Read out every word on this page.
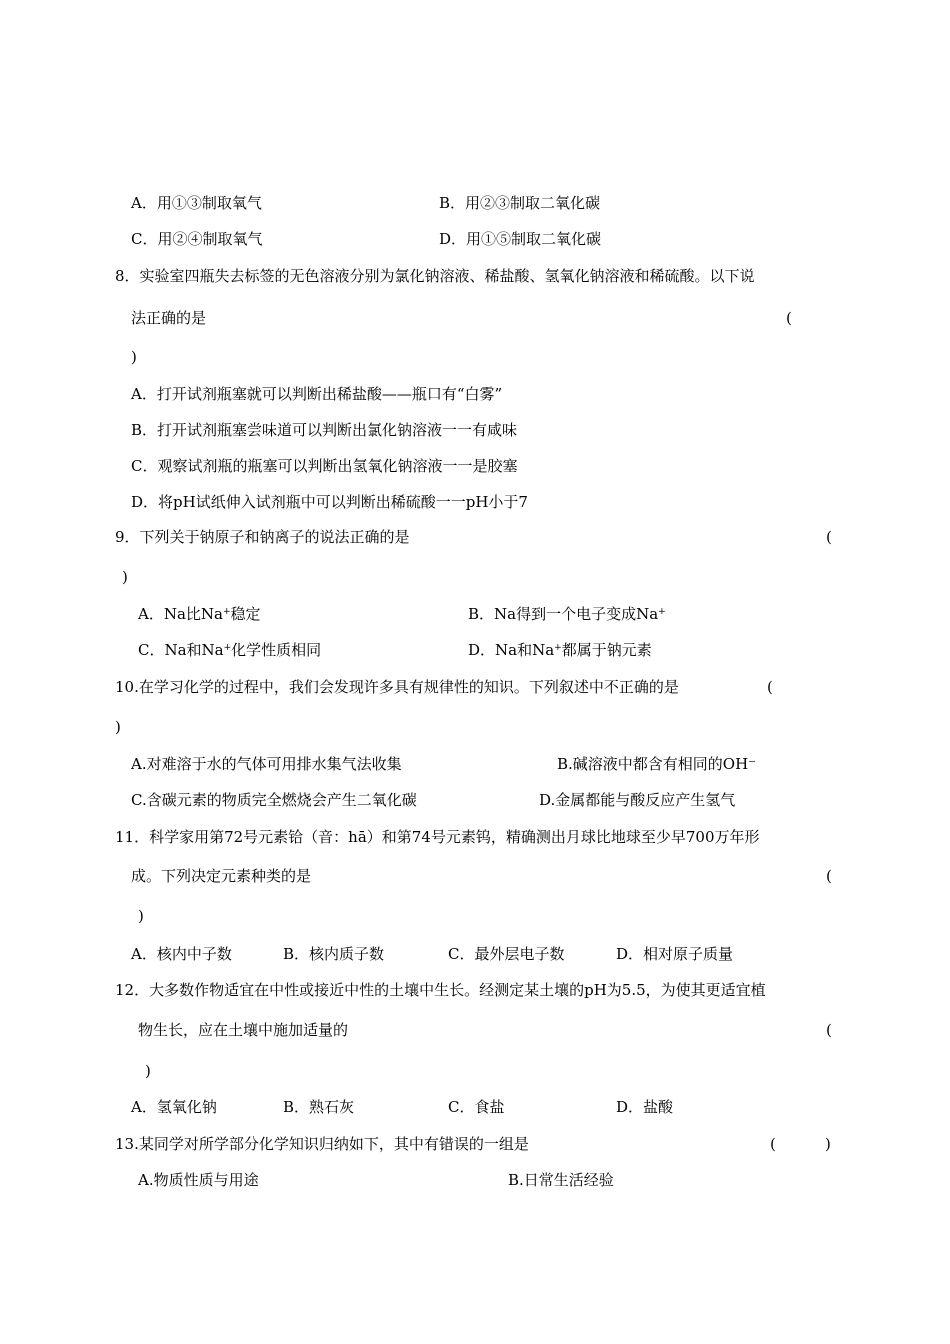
A．用①③制取氧气	B．用②③制取二氧化碳
C．用②④制取氧气	D．用①⑤制取二氧化碳
8．实验室四瓶失去标签的无色溶液分别为氯化钠溶液、稀盐酸、氢氧化钠溶液和稀硫酸。以下说
法正确的是	(
)
A．打开试剂瓶塞就可以判断出稀盐酸——瓶口有“白雾”
B．打开试剂瓶塞尝味道可以判断出氯化钠溶液一一有咸味
C．观察试剂瓶的瓶塞可以判断出氢氧化钠溶液一一是胶塞
D．将pH试纸伸入试剂瓶中可以判断出稀硫酸一一pH小于7
9．下列关于钠原子和钠离子的说法正确的是	(
)
A．Na比Na+稳定	B．Na得到一个电子变成Na+
C．Na和Na+化学性质相同	D．Na和Na+都属于钠元素
10.在学习化学的过程中，我们会发现许多具有规律性的知识。下列叙述中不正确的是	(
)
A.对难溶于水的气体可用排水集气法收集	B.碱溶液中都含有相同的OH⁻
C.含碳元素的物质完全燃烧会产生二氧化碳	D.金属都能与酸反应产生氢气
11．科学家用第72号元素铪（音：hā）和第74号元素钨，精确测出月球比地球至少早700万年形
成。下列决定元素种类的是	(
)
A．核内中子数	B．核内质子数	C．最外层电子数	D．相对原子质量
12．大多数作物适宜在中性或接近中性的土壤中生长。经测定某土壤的pH为5.5，为使其更适宜植
物生长，应在土壤中施加适量的	(
)
A．氢氧化钠	B．熟石灰	C．食盐	D．盐酸
13.某同学对所学部分化学知识归纳如下，其中有错误的一组是	(	)
A.物质性质与用途	B.日常生活经验
